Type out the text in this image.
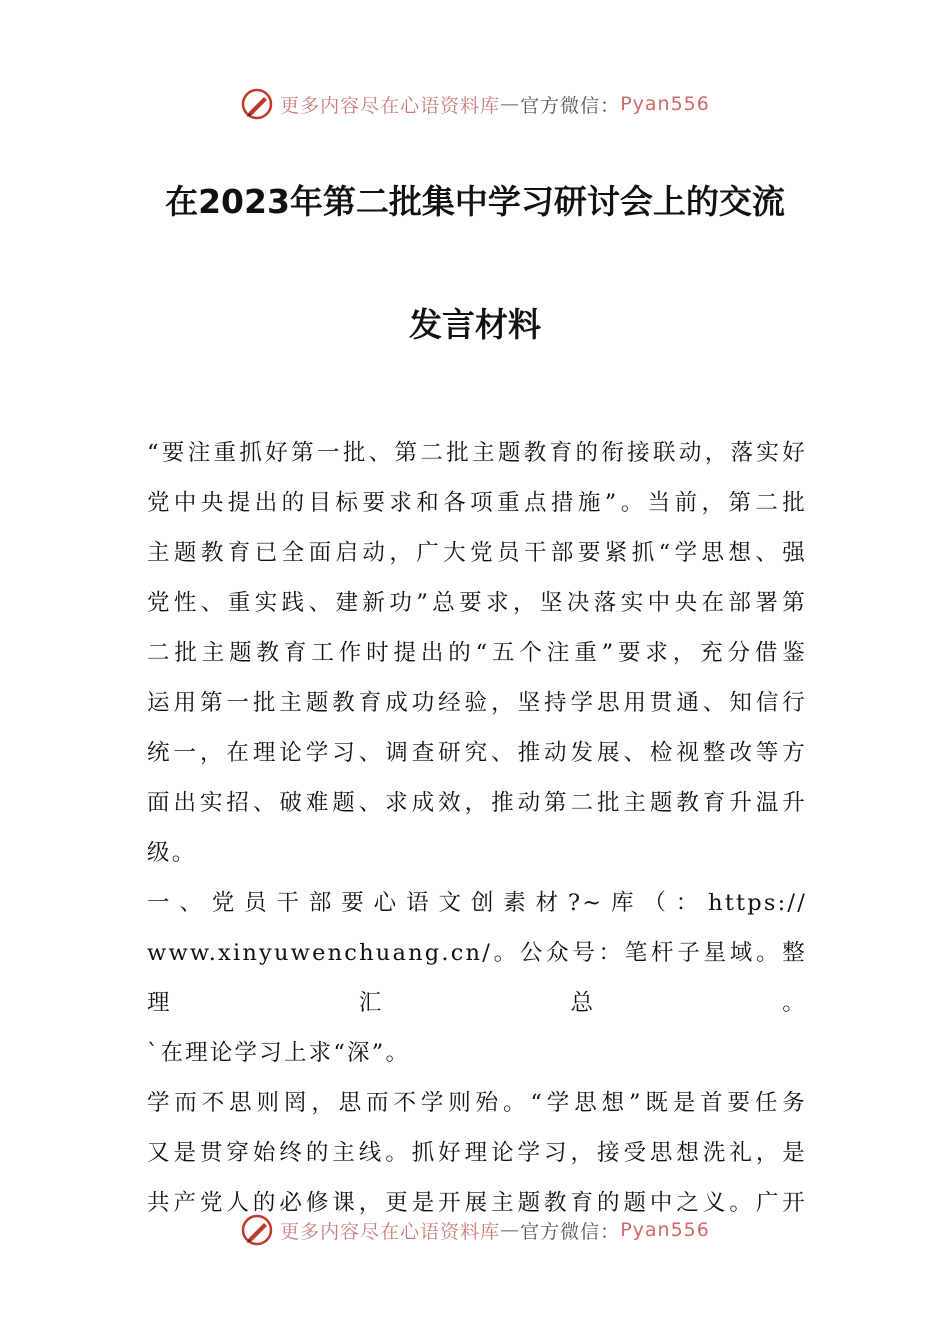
更多内容尽在心语资料库 — 官方微信： Pyan556
在2023年第二批集中学习研讨会上的交流
发言材料

“要注重抓好第一批、第二批主题教育的衔接联动，落实好

党中央提出的目标要求和各项重点措施”。当前，第二批

主题教育已全面启动，广大党员干部要紧抓“学思想、强

党性、重实践、建新功”总要求，坚决落实中央在部署第

二批主题教育工作时提出的“五个注重”要求，充分借鉴

运用第一批主题教育成功经验，坚持学思用贯通、知信行

统一，在理论学习、调查研究、推动发展、检视整改等方

面出实招、破难题、求成效，推动第二批主题教育升温升

级。

一、党员干部要心语文创素材?~库（：https://

www.xinyuwenchuang.cn/。公众号：笔杆子星域。整理汇总。

`在理论学习上求“深”。

学而不思则罔，思而不学则殆。“学思想”既是首要任务

又是贯穿始终的主线。抓好理论学习，接受思想洗礼，是

共产党人的必修课，更是开展主题教育的题中之义。广开

更多内容尽在心语资料库 — 官方微信： Pyan556
